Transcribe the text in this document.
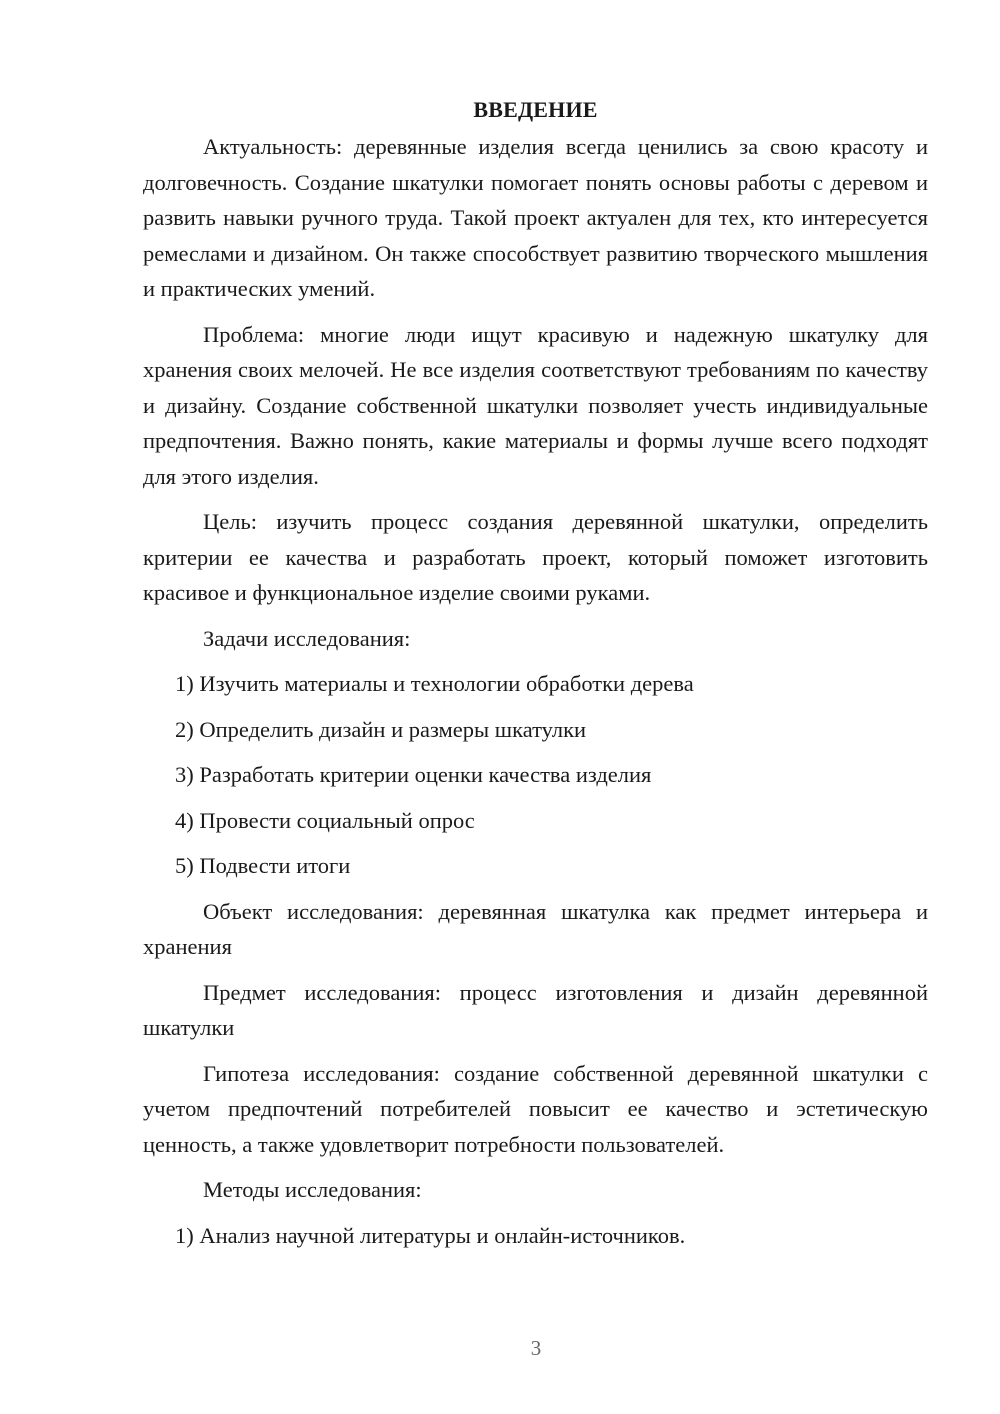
ВВЕДЕНИЕ

Актуальность: деревянные изделия всегда ценились за свою красоту и долговечность. Создание шкатулки помогает понять основы работы с деревом и развить навыки ручного труда. Такой проект актуален для тех, кто интересуется ремеслами и дизайном. Он также способствует развитию творческого мышления и практических умений.

Проблема: многие люди ищут красивую и надежную шкатулку для хранения своих мелочей. Не все изделия соответствуют требованиям по качеству и дизайну. Создание собственной шкатулки позволяет учесть индивидуальные предпочтения. Важно понять, какие материалы и формы лучше всего подходят для этого изделия.

Цель: изучить процесс создания деревянной шкатулки, определить критерии ее качества и разработать проект, который поможет изготовить красивое и функциональное изделие своими руками.

Задачи исследования:
1) Изучить материалы и технологии обработки дерева
2) Определить дизайн и размеры шкатулки
3) Разработать критерии оценки качества изделия
4) Провести социальный опрос
5) Подвести итоги

Объект исследования: деревянная шкатулка как предмет интерьера и хранения

Предмет исследования: процесс изготовления и дизайн деревянной шкатулки

Гипотеза исследования: создание собственной деревянной шкатулки с учетом предпочтений потребителей повысит ее качество и эстетическую ценность, а также удовлетворит потребности пользователей.

Методы исследования:
1) Анализ научной литературы и онлайн-источников.
3
